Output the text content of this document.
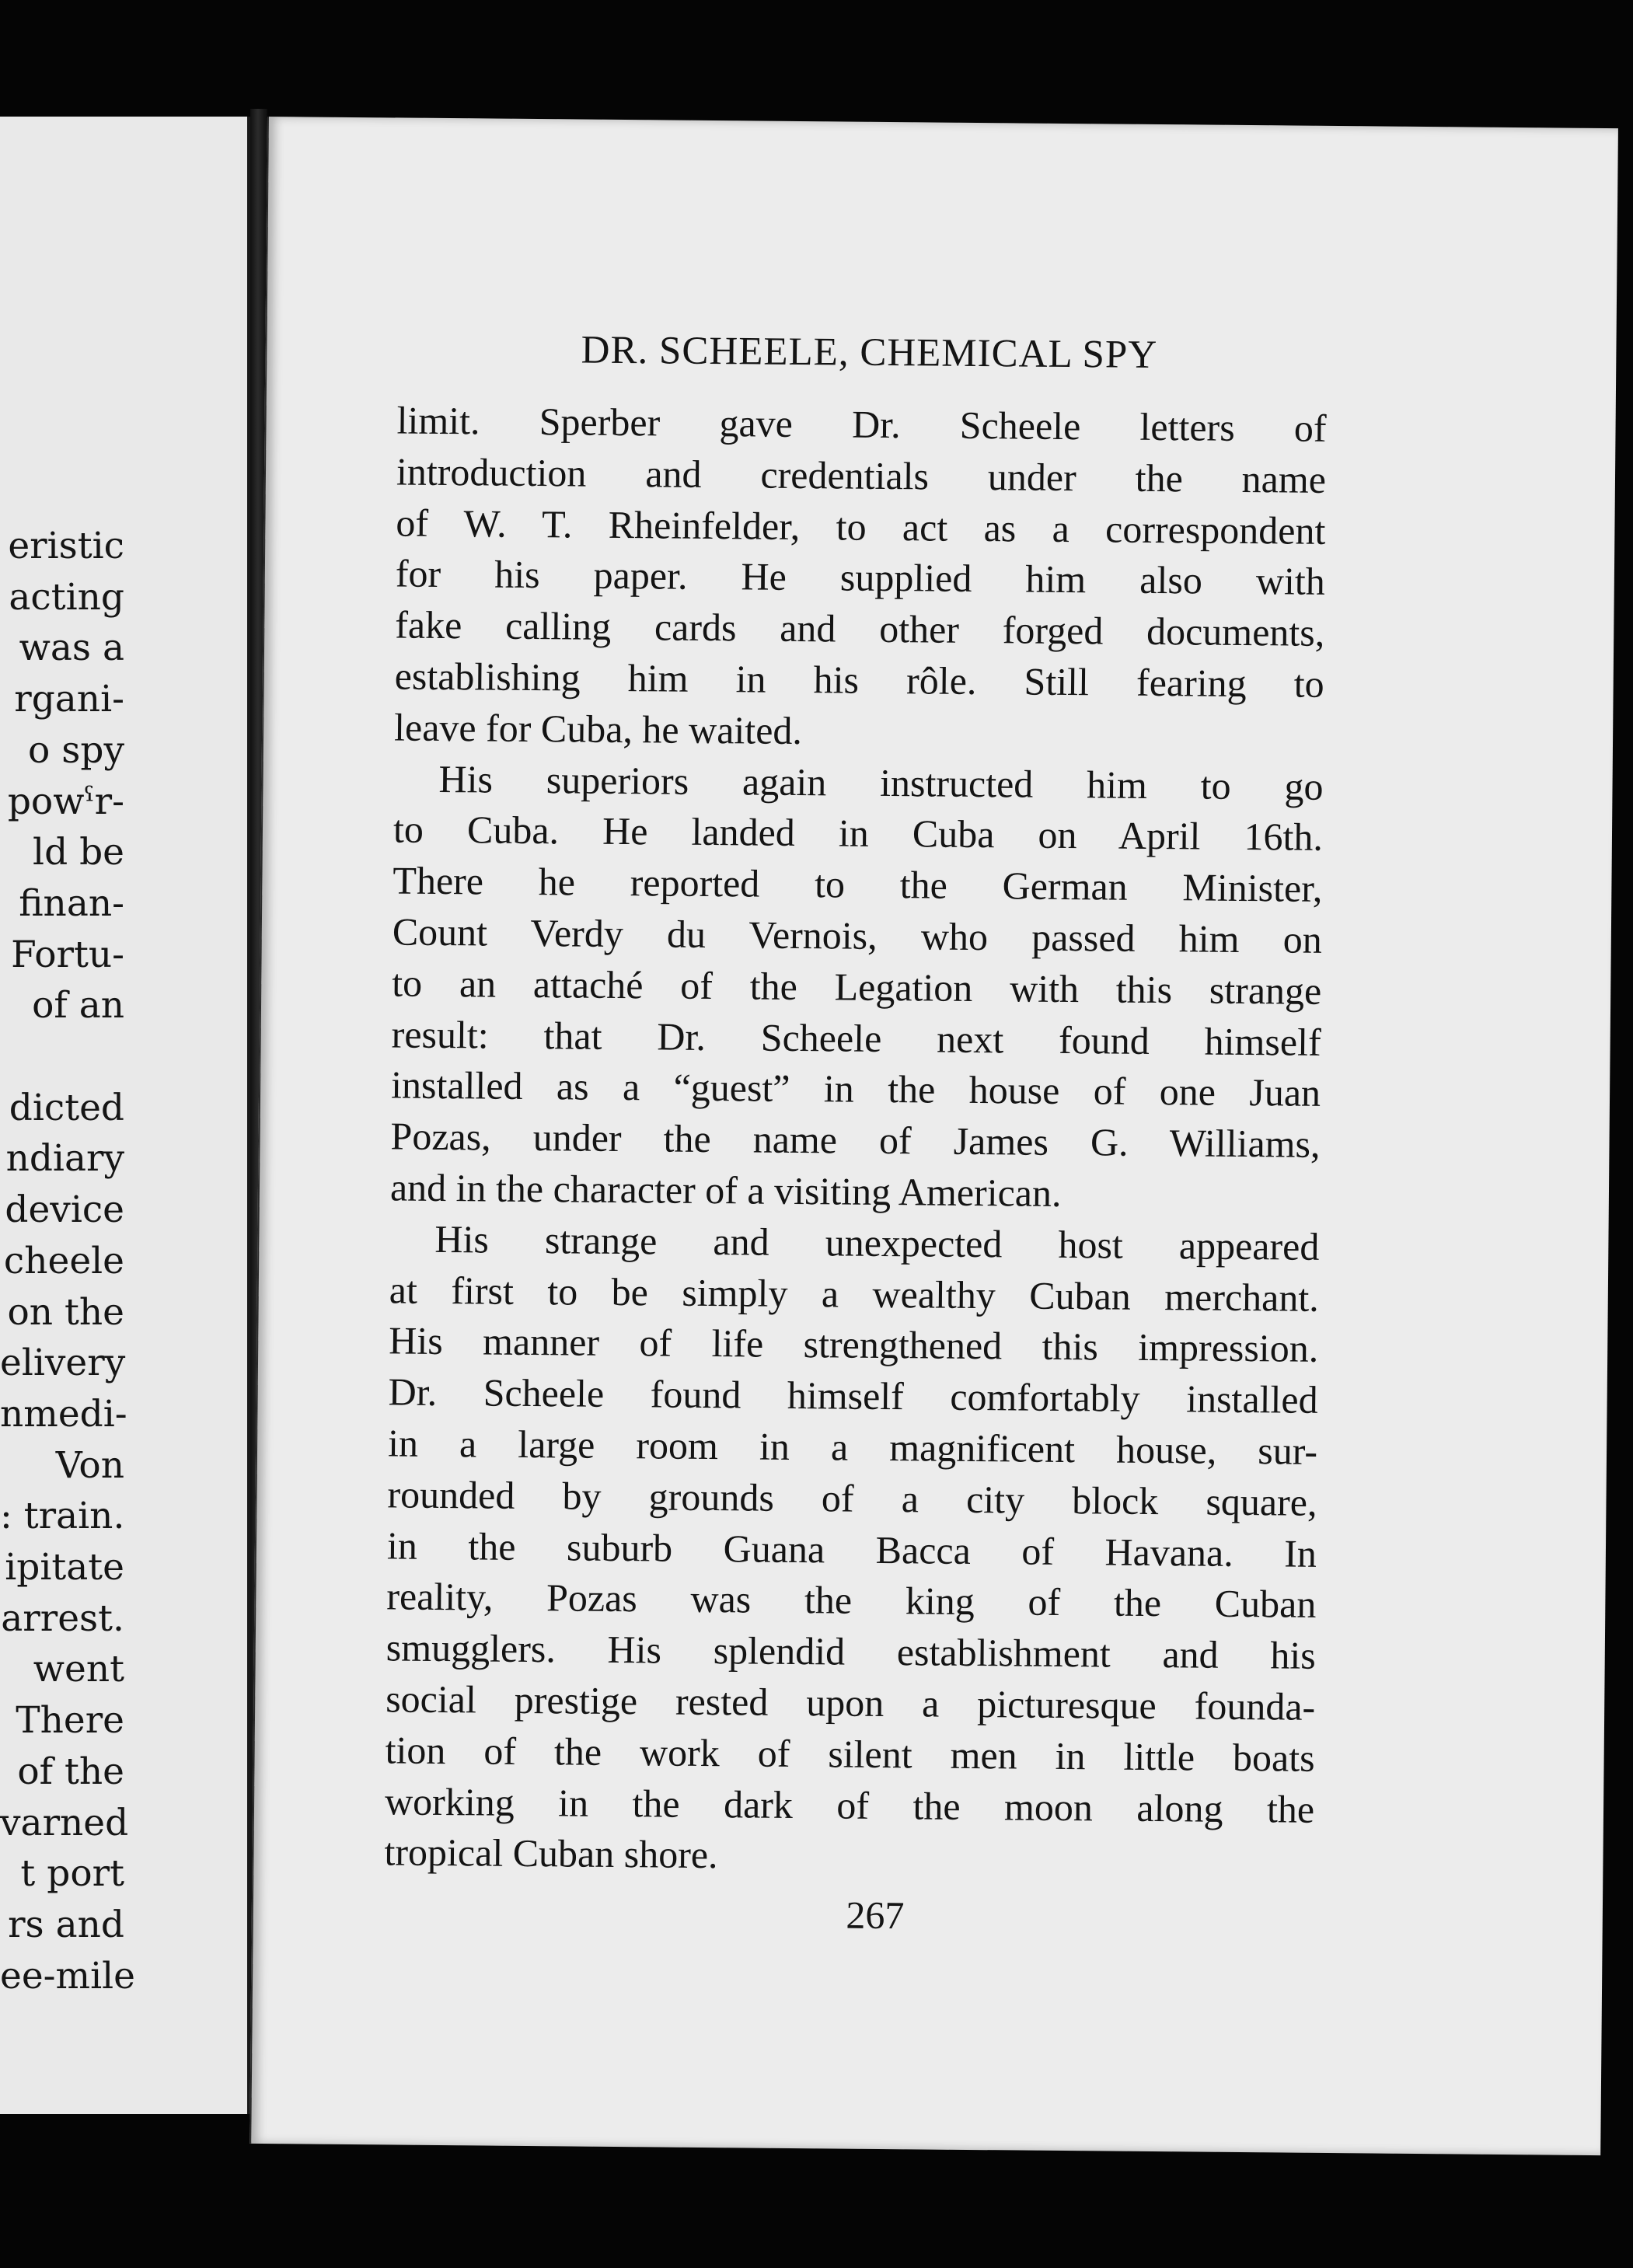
eristic
acting
was a
rgani-
o spy
powˁr-
ld be
finan-
Fortu-
of an

dicted
ndiary
device
cheele
on the
elivery
nmedi-
Von
: train.
ipitate
arrest.
went
There
of the
varned
t port
rs and
ee-mile
DR. SCHEELE, CHEMICAL SPY
limit. Sperber gave Dr. Scheele letters of
introduction and credentials under the name
of W. T. Rheinfelder, to act as a correspondent
for his paper. He supplied him also with
fake calling cards and other forged documents,
establishing him in his rôle. Still fearing to
leave for Cuba, he waited.
His superiors again instructed him to go
to Cuba. He landed in Cuba on April 16th.
There he reported to the German Minister,
Count Verdy du Vernois, who passed him on
to an attaché of the Legation with this strange
result: that Dr. Scheele next found himself
installed as a “guest” in the house of one Juan
Pozas, under the name of James G. Williams,
and in the character of a visiting American.
His strange and unexpected host appeared
at first to be simply a wealthy Cuban merchant.
His manner of life strengthened this impression.
Dr. Scheele found himself comfortably installed
in a large room in a magnificent house, sur-
rounded by grounds of a city block square,
in the suburb Guana Bacca of Havana. In
reality, Pozas was the king of the Cuban
smugglers. His splendid establishment and his
social prestige rested upon a picturesque founda-
tion of the work of silent men in little boats
working in the dark of the moon along the
tropical Cuban shore.
267
